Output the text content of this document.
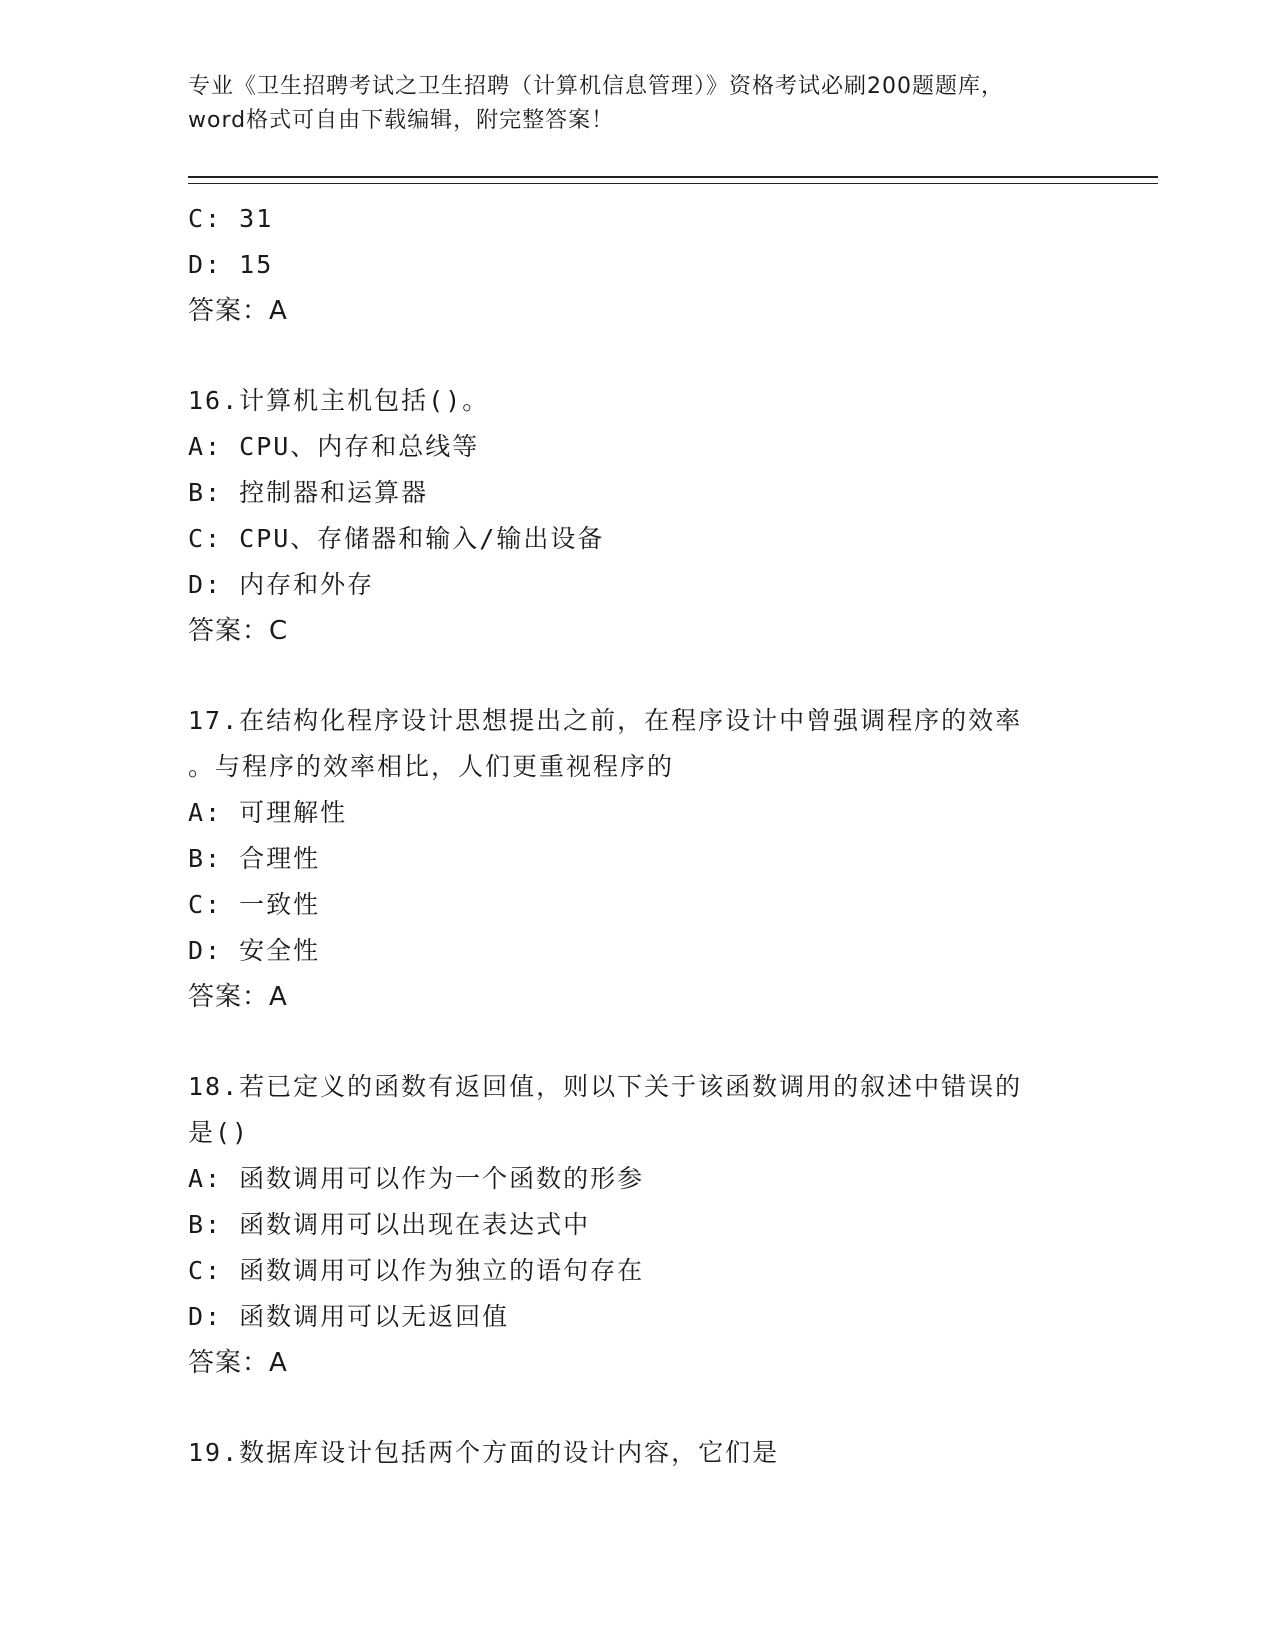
专业《卫生招聘考试之卫生招聘（计算机信息管理）》资格考试必刷200题题库，

word格式可自由下载编辑，附完整答案！

C: 31

D: 15

答案：A

16.计算机主机包括()。

A: CPU、内存和总线等

B: 控制器和运算器

C: CPU、存储器和输入/输出设备

D: 内存和外存

答案：C

17.在结构化程序设计思想提出之前，在程序设计中曾强调程序的效率

。与程序的效率相比，人们更重视程序的

A: 可理解性

B: 合理性

C: 一致性

D: 安全性

答案：A

18.若已定义的函数有返回值，则以下关于该函数调用的叙述中错误的

是()

A: 函数调用可以作为一个函数的形参

B: 函数调用可以出现在表达式中

C: 函数调用可以作为独立的语句存在

D: 函数调用可以无返回值

答案：A

19.数据库设计包括两个方面的设计内容，它们是
